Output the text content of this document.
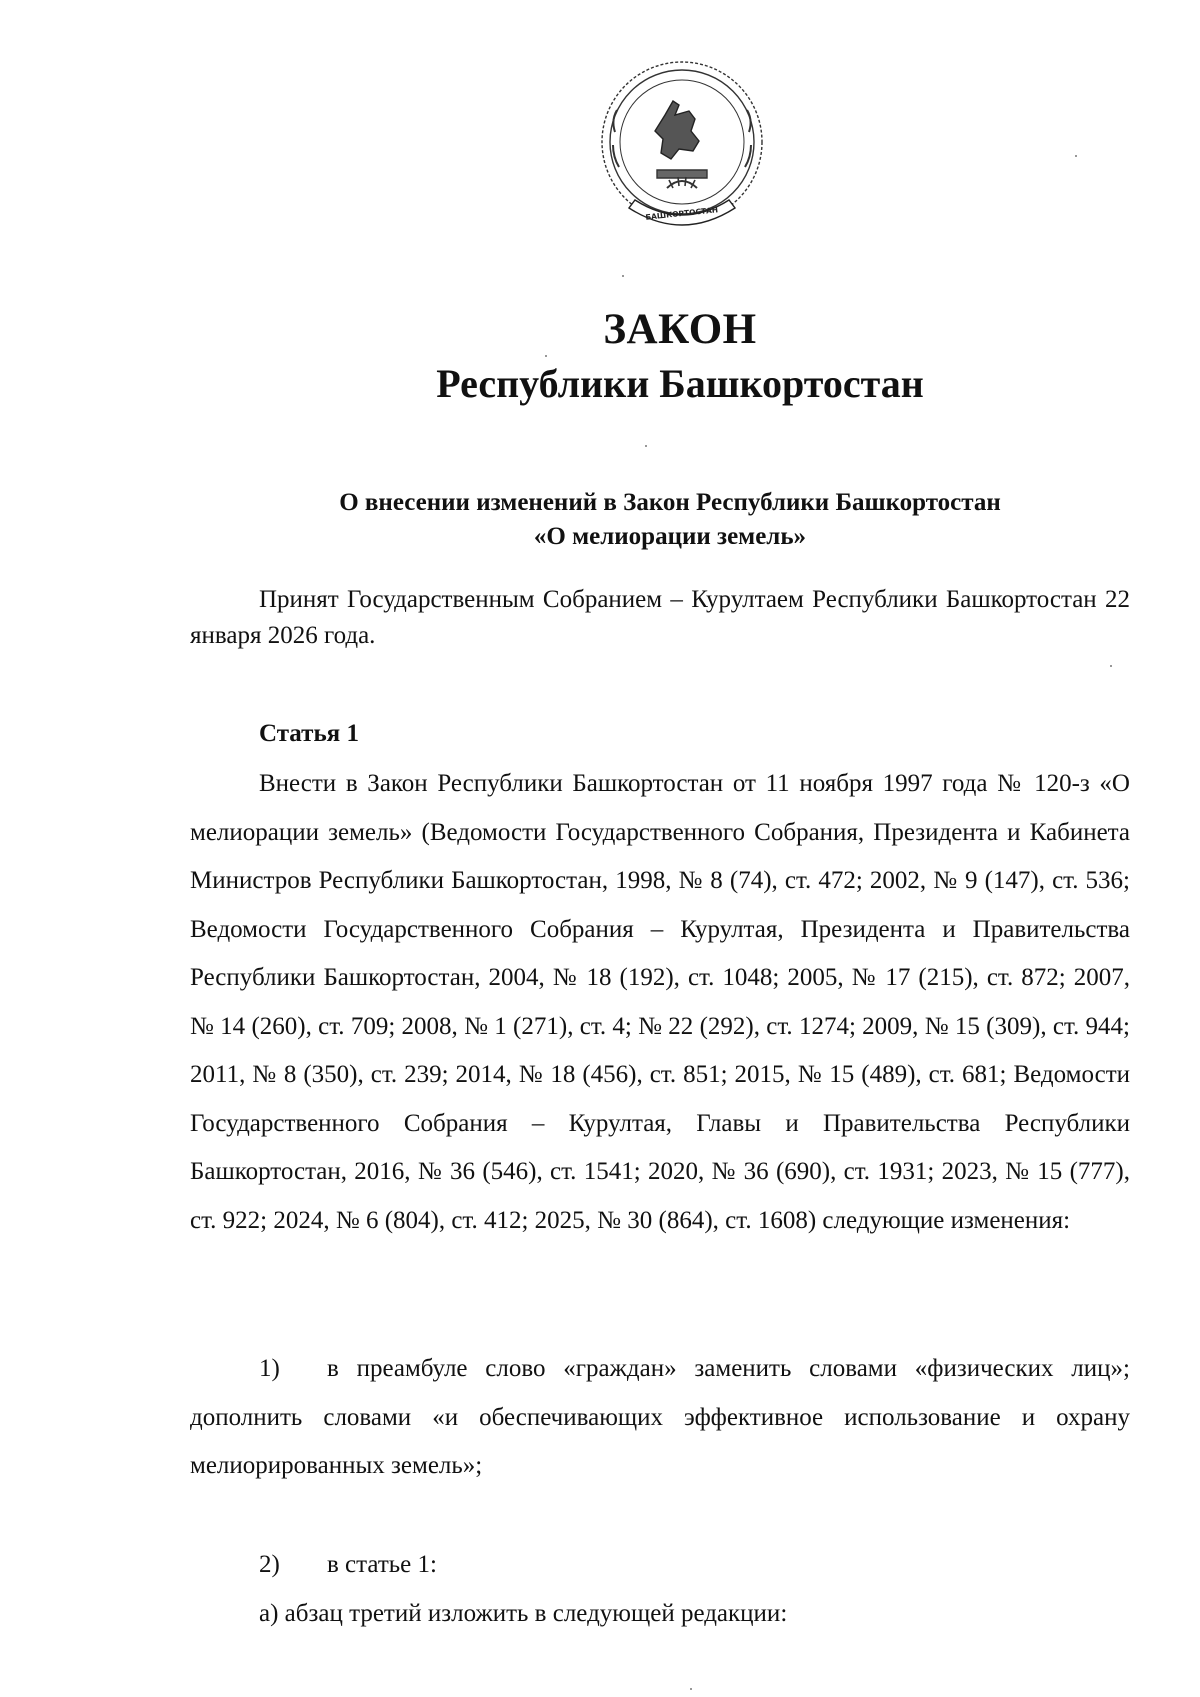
БАШКОРТОСТАН
ЗАКОН
Республики Башкортостан
О внесении изменений в Закон Республики Башкортостан
«О мелиорации земель»
Принят Государственным Собранием – Курултаем Республики Башкортостан 22 января 2026 года.
Статья 1
Внести в Закон Республики Башкортостан от 11 ноября 1997 года № 120-з «О мелиорации земель» (Ведомости Государственного Собрания, Президента и Кабинета Министров Республики Башкортостан, 1998, № 8 (74), ст. 472; 2002, № 9 (147), ст. 536; Ведомости Государственного Собрания – Курултая, Президента и Правительства Республики Башкортостан, 2004, № 18 (192), ст. 1048; 2005, № 17 (215), ст. 872; 2007, № 14 (260), ст. 709; 2008, № 1 (271), ст. 4; № 22 (292), ст. 1274; 2009, № 15 (309), ст. 944; 2011, № 8 (350), ст. 239; 2014, № 18 (456), ст. 851; 2015, № 15 (489), ст. 681; Ведомости Государственного Собрания – Курултая, Главы и Правительства Республики Башкортостан, 2016, № 36 (546), ст. 1541; 2020, № 36 (690), ст. 1931; 2023, № 15 (777), ст. 922; 2024, № 6 (804), ст. 412; 2025, № 30 (864), ст. 1608) следующие изменения:
1) в преамбуле слово «граждан» заменить словами «физических лиц»; дополнить словами «и обеспечивающих эффективное использование и охрану мелиорированных земель»;
2) в статье 1:
а) абзац третий изложить в следующей редакции:
